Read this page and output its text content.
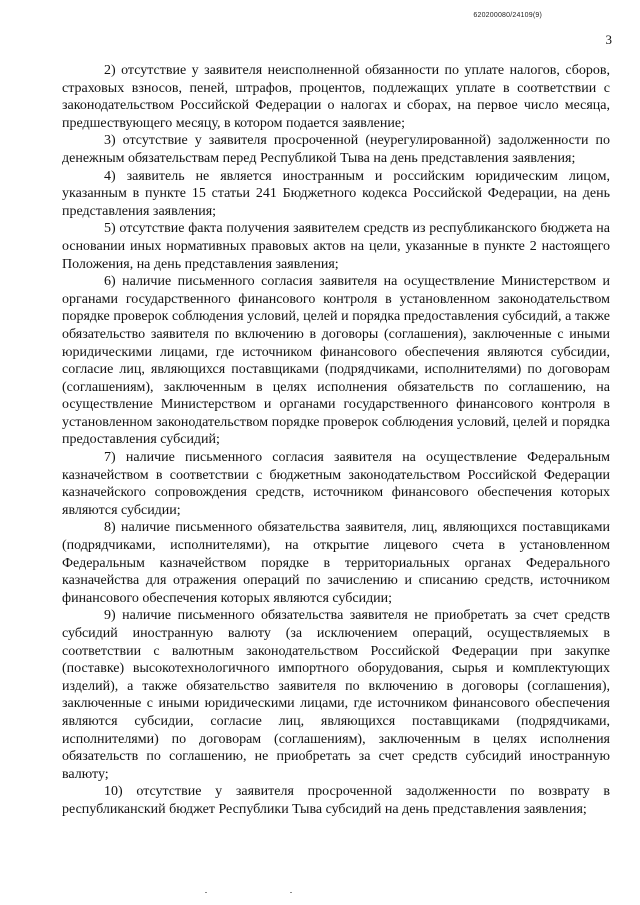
620200080/24109(9)
3

2) отсутствие у заявителя неисполненной обязанности по уплате налогов, сборов, страховых взносов, пеней, штрафов, процентов, подлежащих уплате в соответствии с законодательством Российской Федерации о налогах и сборах, на первое число месяца, предшествующего месяцу, в котором подается заявление;

3) отсутствие у заявителя просроченной (неурегулированной) задолженности по денежным обязательствам перед Республикой Тыва на день представления заявления;

4) заявитель не является иностранным и российским юридическим лицом, указанным в пункте 15 статьи 241 Бюджетного кодекса Российской Федерации, на день представления заявления;

5) отсутствие факта получения заявителем средств из республиканского бюджета на основании иных нормативных правовых актов на цели, указанные в пункте 2 настоящего Положения, на день представления заявления;

6) наличие письменного согласия заявителя на осуществление Министерством и органами государственного финансового контроля в установленном законодательством порядке проверок соблюдения условий, целей и порядка предоставления субсидий, а также обязательство заявителя по включению в договоры (соглашения), заключенные с иными юридическими лицами, где источником финансового обеспечения являются субсидии, согласие лиц, являющихся поставщиками (подрядчиками, исполнителями) по договорам (соглашениям), заключенным в целях исполнения обязательств по соглашению, на осуществление Министерством и органами государственного финансового контроля в установленном законодательством порядке проверок соблюдения условий, целей и порядка предоставления субсидий;

7) наличие письменного согласия заявителя на осуществление Федеральным казначейством в соответствии с бюджетным законодательством Российской Федерации казначейского сопровождения средств, источником финансового обеспечения которых являются субсидии;

8) наличие письменного обязательства заявителя, лиц, являющихся поставщиками (подрядчиками, исполнителями), на открытие лицевого счета в установленном Федеральным казначейством порядке в территориальных органах Федерального казначейства для отражения операций по зачислению и списанию средств, источником финансового обеспечения которых являются субсидии;

9) наличие письменного обязательства заявителя не приобретать за счет средств субсидий иностранную валюту (за исключением операций, осуществляемых в соответствии с валютным законодательством Российской Федерации при закупке (поставке) высокотехнологичного импортного оборудования, сырья и комплектующих изделий), а также обязательство заявителя по включению в договоры (соглашения), заключенные с иными юридическими лицами, где источником финансового обеспечения являются субсидии, согласие лиц, являющихся поставщиками (подрядчиками, исполнителями) по договорам (соглашениям), заключенным в целях исполнения обязательств по соглашению, не приобретать за счет средств субсидий иностранную валюту;

10) отсутствие у заявителя просроченной задолженности по возврату в республиканский бюджет Республики Тыва субсидий на день представления заявления;
